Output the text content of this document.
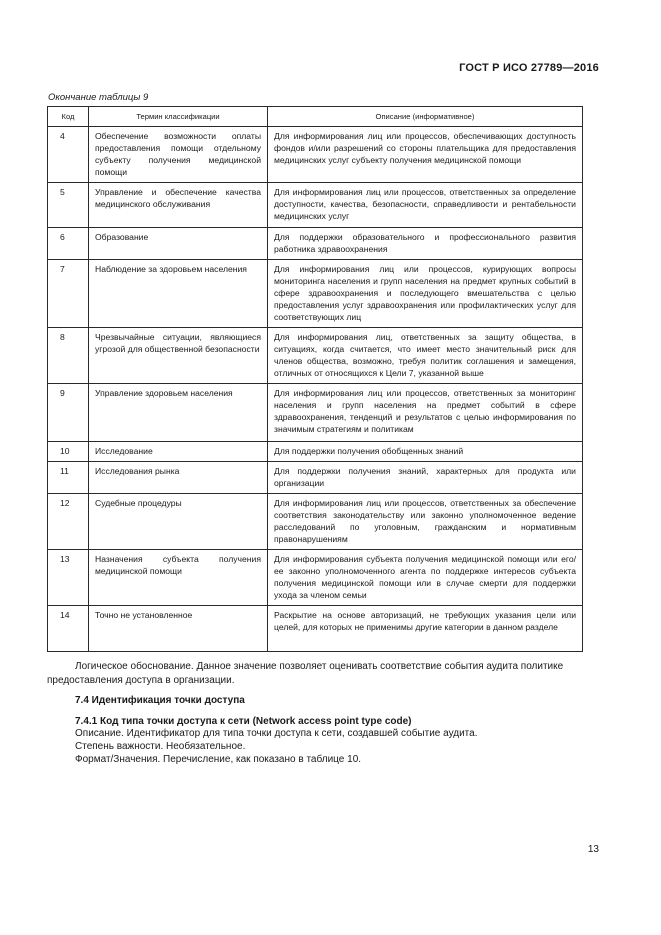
ГОСТ Р ИСО 27789—2016
Окончание таблицы 9
Код	Термин классификации	Описание (информативное)
4	Обеспечение возможности оплаты предоставления помощи отдельному субъекту получения медицинской помощи	Для информирования лиц или процессов, обеспечивающих доступность фондов и/или разрешений со стороны плательщика для предоставления медицинских услуг субъекту получения медицинской помощи
5	Управление и обеспечение качества медицинского обслуживания	Для информирования лиц или процессов, ответственных за определение доступности, качества, безопасности, справедливости и рентабельности медицинских услуг
6	Образование	Для поддержки образовательного и профессионального развития работника здравоохранения
7	Наблюдение за здоровьем населения	Для информирования лиц или процессов, курирующих вопросы мониторинга населения и групп населения на предмет крупных событий в сфере здравоохранения и последующего вмешательства с целью предоставления услуг здравоохранения или профилактических услуг для соответствующих лиц
8	Чрезвычайные ситуации, являющиеся угрозой для общественной безопасности	Для информирования лиц, ответственных за защиту общества, в ситуациях, когда считается, что имеет место значительный риск для членов общества, возможно, требуя политик соглашения и замещения, отличных от относящихся к Цели 7, указанной выше
9	Управление здоровьем населения	Для информирования лиц или процессов, ответственных за мониторинг населения и групп населения на предмет событий в сфере здравоохранения, тенденций и результатов с целью информирования по значимым стратегиям и политикам
10	Исследование	Для поддержки получения обобщенных знаний
11	Исследования рынка	Для поддержки получения знаний, характерных для продукта или организации
12	Судебные процедуры	Для информирования лиц или процессов, ответственных за обеспечение соответствия законодательству или законно уполномоченное ведение расследований по уголовным, гражданским и нормативным правонарушениям
13	Назначения субъекта получения медицинской помощи	Для информирования субъекта получения медицинской помощи или его/ее законно уполномоченного агента по поддержке интересов субъекта получения медицинской помощи или в случае смерти для поддержки ухода за членом семьи
14	Точно не установленное	Раскрытие на основе авторизаций, не требующих указания цели или целей, для которых не применимы другие категории в данном разделе
Логическое обоснование. Данное значение позволяет оценивать соответствие события аудита политике предоставления доступа в организации.
7.4 Идентификация точки доступа
7.4.1 Код типа точки доступа к сети (Network access point type code)
Описание. Идентификатор для типа точки доступа к сети, создавшей событие аудита.
Степень важности. Необязательное.
Формат/Значения. Перечисление, как показано в таблице 10.
13
